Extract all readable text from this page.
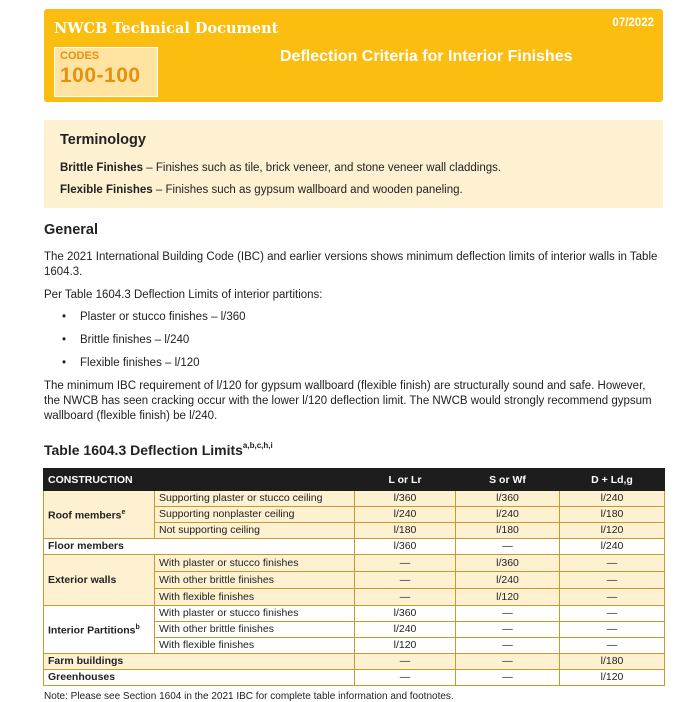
NWCB Technical Document	07/2022
CODES
100-100
Deflection Criteria for Interior Finishes
Terminology
Brittle Finishes – Finishes such as tile, brick veneer, and stone veneer wall claddings.
Flexible Finishes – Finishes such as gypsum wallboard and wooden paneling.
General

The 2021 International Building Code (IBC) and earlier versions shows minimum deflection limits of interior walls in Table 1604.3.

Per Table 1604.3 Deflection Limits of interior partitions:

• Plaster or stucco finishes – l/360
• Brittle finishes – l/240
• Flexible finishes – l/120

The minimum IBC requirement of l/120 for gypsum wallboard (flexible finish) are structurally sound and safe. However, the NWCB has seen cracking occur with the lower l/120 deflection limit. The NWCB would strongly recommend gypsum wallboard (flexible finish) be l/240.

Table 1604.3 Deflection Limits$^{a,b,c,h,i}$
CONSTRUCTION		L or Lr	S or Wf	D + Ld,g
Roof members$^e$	Supporting plaster or stucco ceiling	l/360	l/360	l/240
	Supporting nonplaster ceiling	l/240	l/240	l/180
	Not supporting ceiling	l/180	l/180	l/120
Floor members		l/360	—	l/240
Exterior walls	With plaster or stucco finishes	—	l/360	—
	With other brittle finishes	—	l/240	—
	With flexible finishes	—	l/120	—
Interior Partitions$^b$	With plaster or stucco finishes	l/360	—	—
	With other brittle finishes	l/240	—	—
	With flexible finishes	l/120	—	—
Farm buildings		—	—	l/180
Greenhouses		—	—	l/120
Note: Please see Section 1604 in the 2021 IBC for complete table information and footnotes.
